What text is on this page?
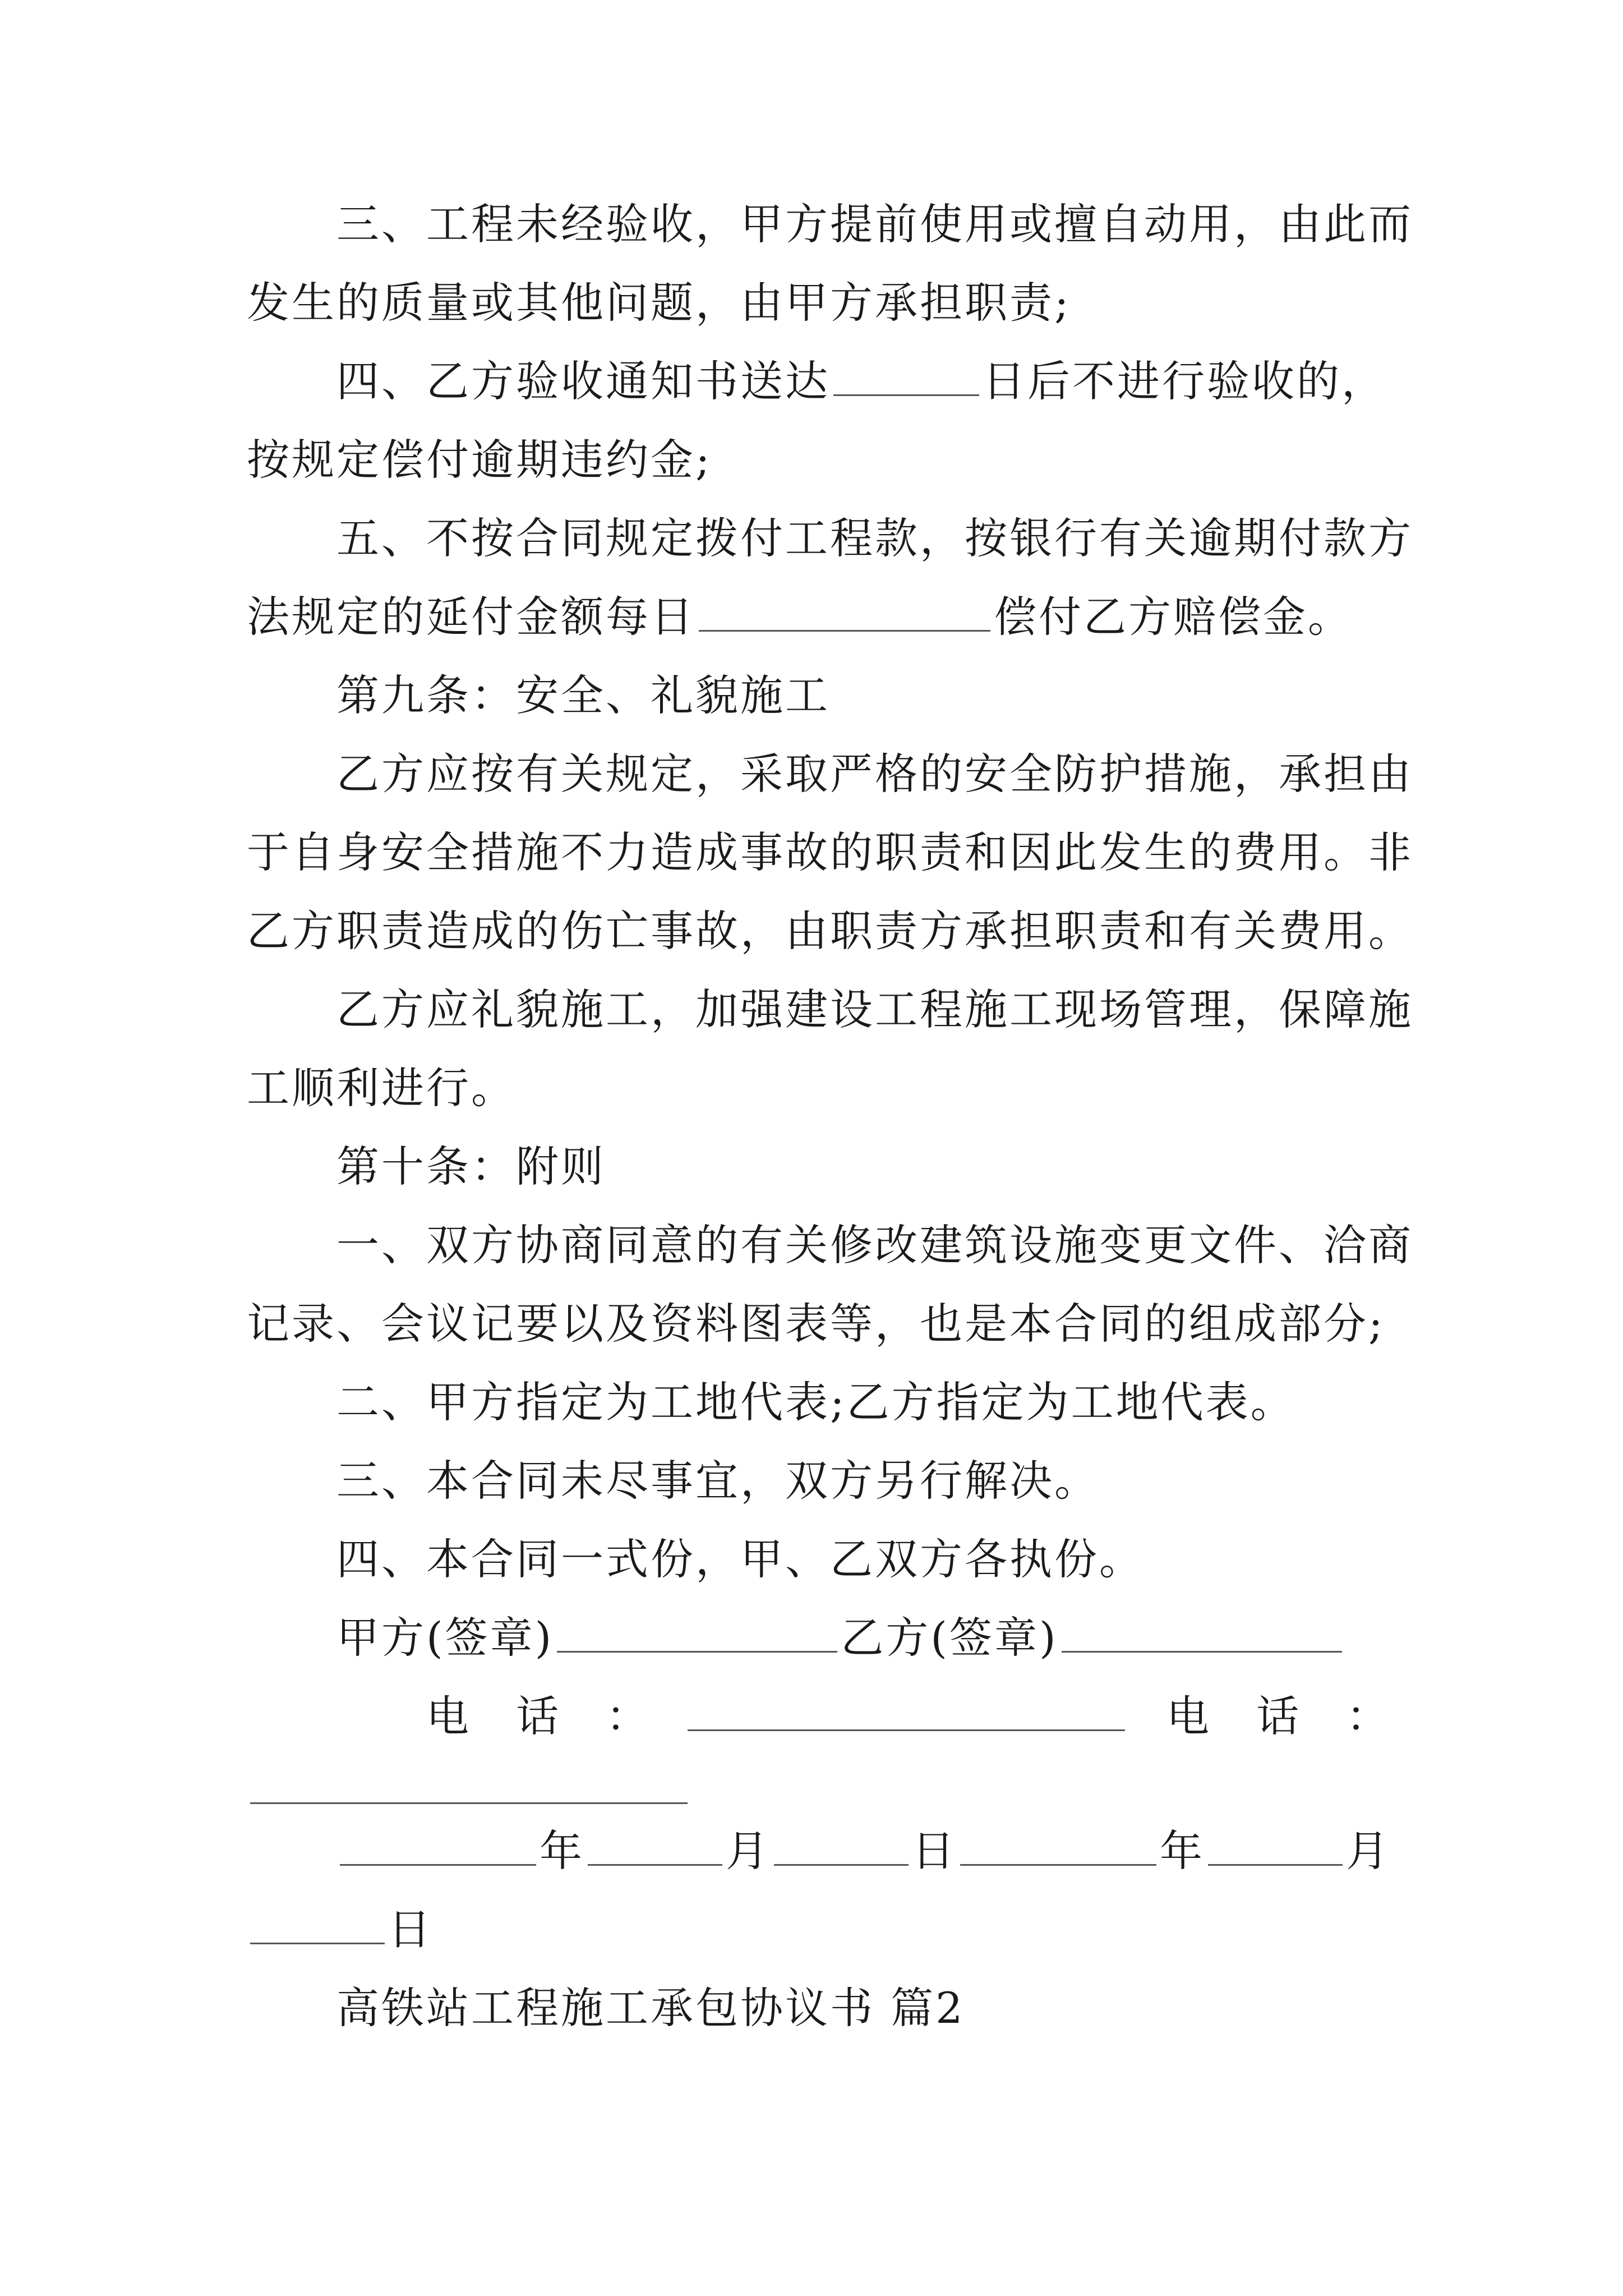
三、工程未经验收，甲方提前使用或擅自动用，由此而
发生的质量或其他问题，由甲方承担职责;
四、乙方验收通知书送达	日后不进行验收的，
按规定偿付逾期违约金;
五、不按合同规定拨付工程款，按银行有关逾期付款方
法规定的延付金额每日	偿付乙方赔偿金。
第九条：安全、礼貌施工
乙方应按有关规定，采取严格的安全防护措施，承担由
于自身安全措施不力造成事故的职责和因此发生的费用。非
乙方职责造成的伤亡事故，由职责方承担职责和有关费用。
乙方应礼貌施工，加强建设工程施工现场管理，保障施
工顺利进行。
第十条：附则
一、双方协商同意的有关修改建筑设施变更文件、洽商
记录、会议记要以及资料图表等，也是本合同的组成部分;
二、甲方指定为工地代表;乙方指定为工地代表。
三、本合同未尽事宜，双方另行解决。
四、本合同一式份，甲、乙双方各执份。
甲方(签章)	乙方(签章)
电 话 ：	电 话 ：
年	月	日	年	月
日
高铁站工程施工承包协议书 篇2
